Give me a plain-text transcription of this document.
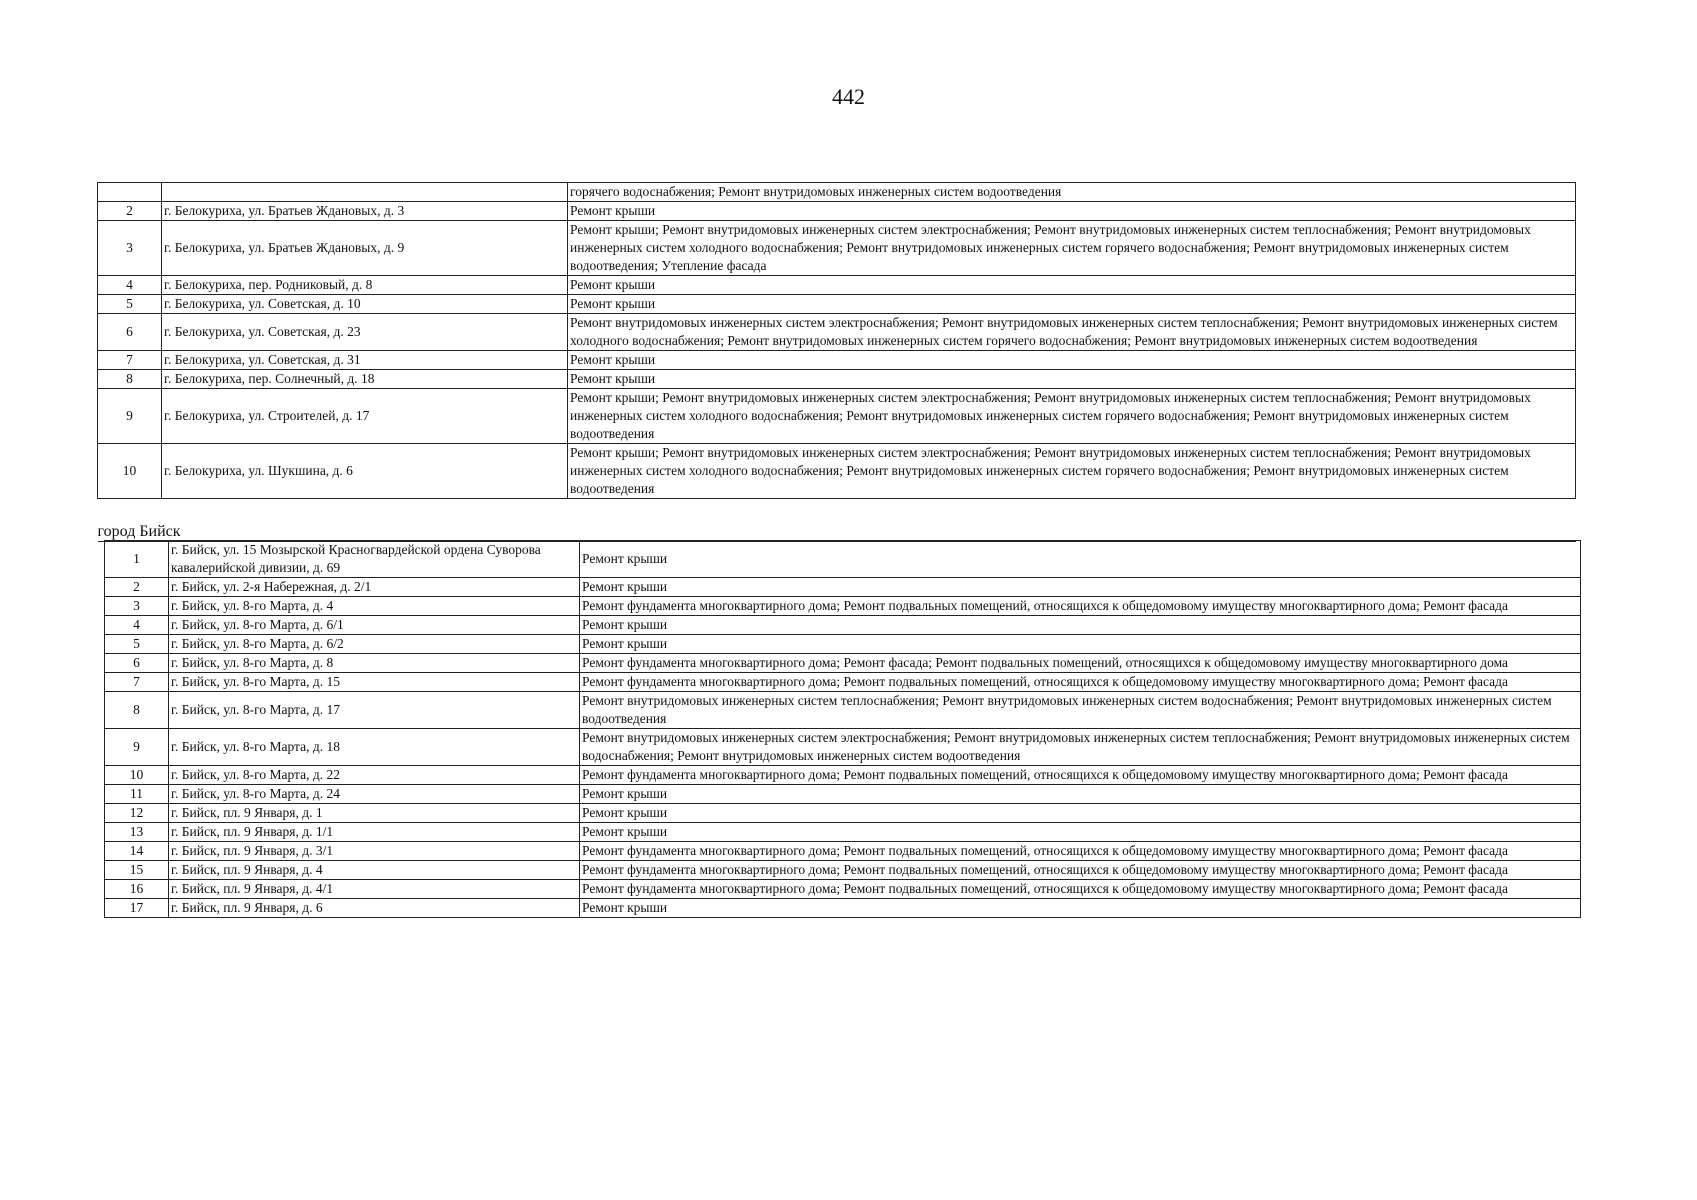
442
		горячего водоснабжения; Ремонт внутридомовых инженерных систем водоотведения
2	г. Белокуриха, ул. Братьев Ждановых, д. 3	Ремонт крыши
3	г. Белокуриха, ул. Братьев Ждановых, д. 9	Ремонт крыши; Ремонт внутридомовых инженерных систем электроснабжения; Ремонт внутридомовых инженерных систем теплоснабжения; Ремонт внутридомовых инженерных систем холодного водоснабжения; Ремонт внутридомовых инженерных систем горячего водоснабжения; Ремонт внутридомовых инженерных систем водоотведения; Утепление фасада
4	г. Белокуриха, пер. Родниковый, д. 8	Ремонт крыши
5	г. Белокуриха, ул. Советская, д. 10	Ремонт крыши
6	г. Белокуриха, ул. Советская, д. 23	Ремонт внутридомовых инженерных систем электроснабжения; Ремонт внутридомовых инженерных систем теплоснабжения; Ремонт внутридомовых инженерных систем холодного водоснабжения; Ремонт внутридомовых инженерных систем горячего водоснабжения; Ремонт внутридомовых инженерных систем водоотведения
7	г. Белокуриха, ул. Советская, д. 31	Ремонт крыши
8	г. Белокуриха, пер. Солнечный, д. 18	Ремонт крыши
9	г. Белокуриха, ул. Строителей, д. 17	Ремонт крыши; Ремонт внутридомовых инженерных систем электроснабжения; Ремонт внутридомовых инженерных систем теплоснабжения; Ремонт внутридомовых инженерных систем холодного водоснабжения; Ремонт внутридомовых инженерных систем горячего водоснабжения; Ремонт внутридомовых инженерных систем водоотведения
10	г. Белокуриха, ул. Шукшина, д. 6	Ремонт крыши; Ремонт внутридомовых инженерных систем электроснабжения; Ремонт внутридомовых инженерных систем теплоснабжения; Ремонт внутридомовых инженерных систем холодного водоснабжения; Ремонт внутридомовых инженерных систем горячего водоснабжения; Ремонт внутридомовых инженерных систем водоотведения
город Бийск		
1	г. Бийск, ул. 15 Мозырской Красногвардейской ордена Суворова кавалерийской дивизии, д. 69	Ремонт крыши
2	г. Бийск, ул. 2-я Набережная, д. 2/1	Ремонт крыши
3	г. Бийск, ул. 8-го Марта, д. 4	Ремонт фундамента многоквартирного дома; Ремонт подвальных помещений, относящихся к общедомовому имуществу многоквартирного дома; Ремонт фасада
4	г. Бийск, ул. 8-го Марта, д. 6/1	Ремонт крыши
5	г. Бийск, ул. 8-го Марта, д. 6/2	Ремонт крыши
6	г. Бийск, ул. 8-го Марта, д. 8	Ремонт фундамента многоквартирного дома; Ремонт фасада; Ремонт подвальных помещений, относящихся к общедомовому имуществу многоквартирного дома
7	г. Бийск, ул. 8-го Марта, д. 15	Ремонт фундамента многоквартирного дома; Ремонт подвальных помещений, относящихся к общедомовому имуществу многоквартирного дома; Ремонт фасада
8	г. Бийск, ул. 8-го Марта, д. 17	Ремонт внутридомовых инженерных систем теплоснабжения; Ремонт внутридомовых инженерных систем водоснабжения; Ремонт внутридомовых инженерных систем водоотведения
9	г. Бийск, ул. 8-го Марта, д. 18	Ремонт внутридомовых инженерных систем электроснабжения; Ремонт внутридомовых инженерных систем теплоснабжения; Ремонт внутридомовых инженерных систем водоснабжения; Ремонт внутридомовых инженерных систем водоотведения
10	г. Бийск, ул. 8-го Марта, д. 22	Ремонт фундамента многоквартирного дома; Ремонт подвальных помещений, относящихся к общедомовому имуществу многоквартирного дома; Ремонт фасада
11	г. Бийск, ул. 8-го Марта, д. 24	Ремонт крыши
12	г. Бийск, пл. 9 Января, д. 1	Ремонт крыши
13	г. Бийск, пл. 9 Января, д. 1/1	Ремонт крыши
14	г. Бийск, пл. 9 Января, д. 3/1	Ремонт фундамента многоквартирного дома; Ремонт подвальных помещений, относящихся к общедомовому имуществу многоквартирного дома; Ремонт фасада
15	г. Бийск, пл. 9 Января, д. 4	Ремонт фундамента многоквартирного дома; Ремонт подвальных помещений, относящихся к общедомовому имуществу многоквартирного дома; Ремонт фасада
16	г. Бийск, пл. 9 Января, д. 4/1	Ремонт фундамента многоквартирного дома; Ремонт подвальных помещений, относящихся к общедомовому имуществу многоквартирного дома; Ремонт фасада
17	г. Бийск, пл. 9 Января, д. 6	Ремонт крыши
